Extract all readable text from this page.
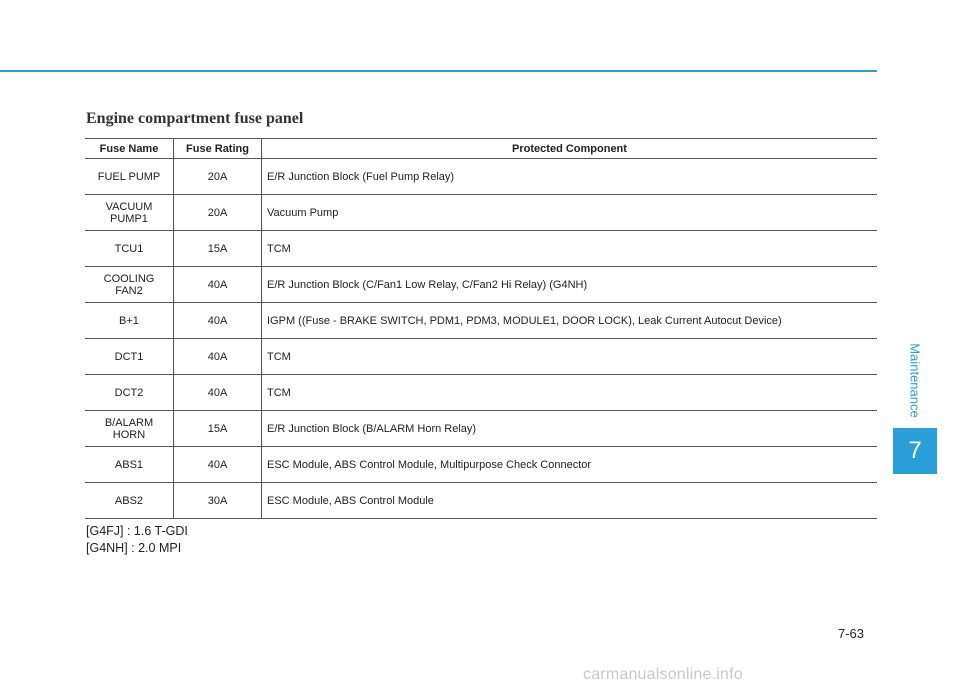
Engine compartment fuse panel
Fuse Name	Fuse Rating	Protected Component
FUEL PUMP	20A	E/R Junction Block (Fuel Pump Relay)
VACUUM
PUMP1	20A	Vacuum Pump
TCU1	15A	TCM
COOLING
FAN2	40A	E/R Junction Block (C/Fan1 Low Relay, C/Fan2 Hi Relay) (G4NH)
B+1	40A	IGPM ((Fuse - BRAKE SWITCH, PDM1, PDM3, MODULE1, DOOR LOCK), Leak Current Autocut Device)
DCT1	40A	TCM
DCT2	40A	TCM
B/ALARM
HORN	15A	E/R Junction Block (B/ALARM Horn Relay)
ABS1	40A	ESC Module, ABS Control Module, Multipurpose Check Connector
ABS2	30A	ESC Module, ABS Control Module
[G4FJ] : 1.6 T-GDI
[G4NH] : 2.0 MPI
Maintenance
7
7-63
carmanualsonline.info
